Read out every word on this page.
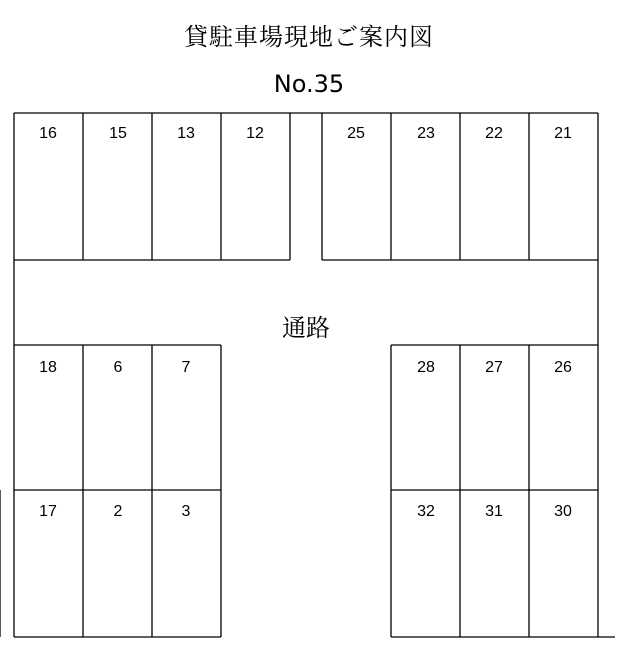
貸駐車場現地ご案内図
No.35
16	15	13	12	25	23	22	21
18	6	7	28	27	26
17	2	3	32	31	30
通路
